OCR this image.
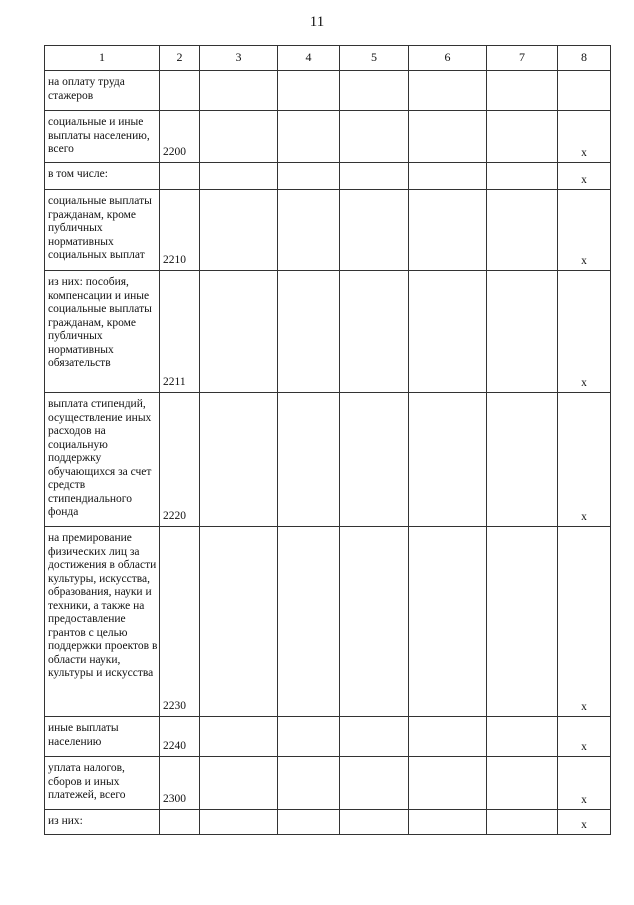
11
1	2	3	4	5	6	7	8

на оплату труда стажеров							

социальные и иные выплаты населению, всего	2200						x

в том числе:							x

социальные выплаты гражданам, кроме публичных нормативных социальных выплат	2210						x

из них: пособия, компенсации и иные социальные выплаты гражданам, кроме публичных нормативных обязательств	2211						x

выплата стипендий, осуществление иных расходов на социальную поддержку обучающихся за счет средств стипендиального фонда	2220						x

на премирование физических лиц за достижения в области культуры, искусства, образования, науки и техники, а также на предоставление грантов с целью поддержки проектов в области науки, культуры и искусства	2230						x

иные выплаты населению	2240						x

уплата налогов, сборов и иных платежей, всего	2300						x

из них:							x
